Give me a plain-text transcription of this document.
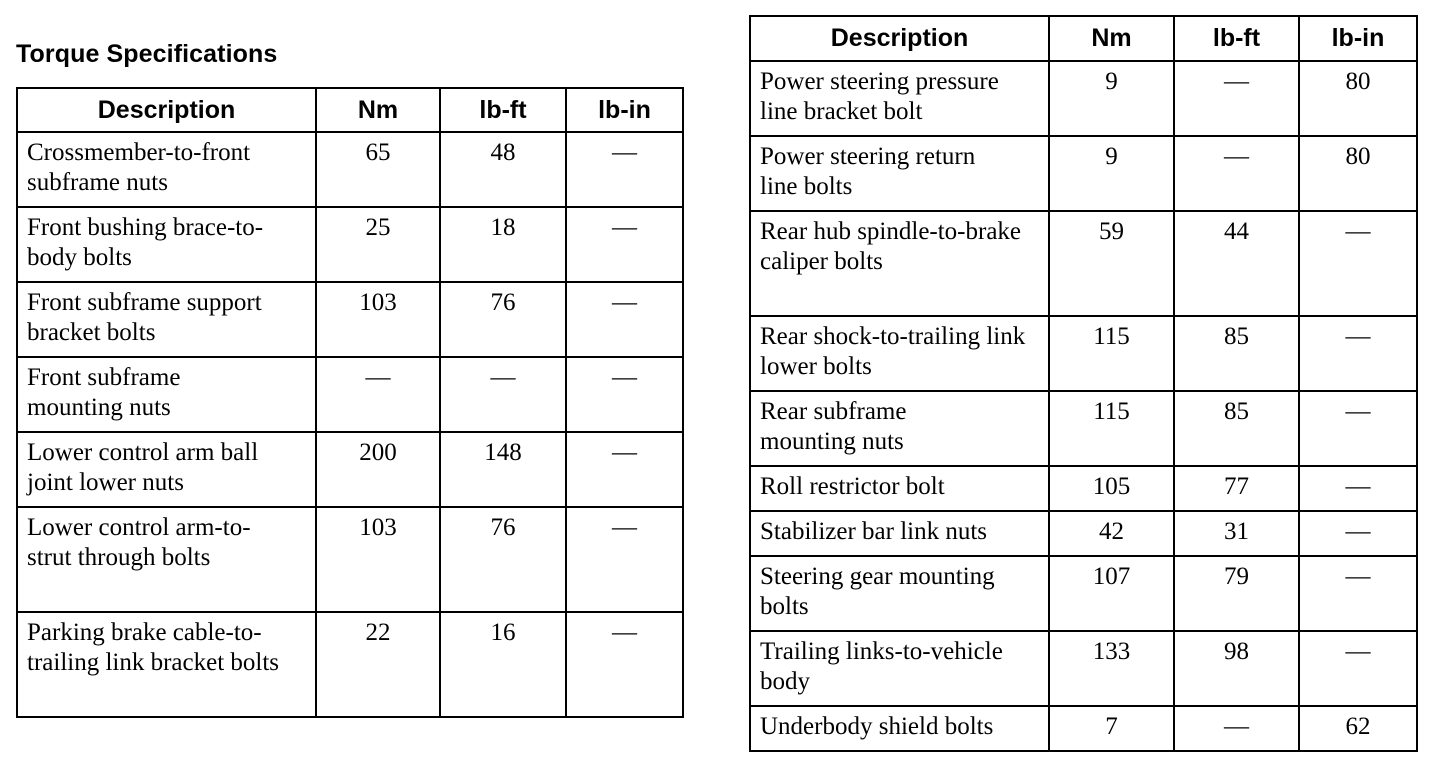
Torque Specifications
Description	Nm	lb-ft	lb-in
Crossmember-to-front subframe nuts	65	48	—
Front bushing brace-to-body bolts	25	18	—
Front subframe support bracket bolts	103	76	—
Front subframe mounting nuts	—	—	—
Lower control arm ball joint lower nuts	200	148	—
Lower control arm-to-strut through bolts	103	76	—
Parking brake cable-to-trailing link bracket bolts	22	16	—
Description	Nm	lb-ft	lb-in
Power steering pressure line bracket bolt	9	—	80
Power steering return line bolts	9	—	80
Rear hub spindle-to-brake caliper bolts	59	44	—
Rear shock-to-trailing link lower bolts	115	85	—
Rear subframe mounting nuts	115	85	—
Roll restrictor bolt	105	77	—
Stabilizer bar link nuts	42	31	—
Steering gear mounting bolts	107	79	—
Trailing links-to-vehicle body	133	98	—
Underbody shield bolts	7	—	62
